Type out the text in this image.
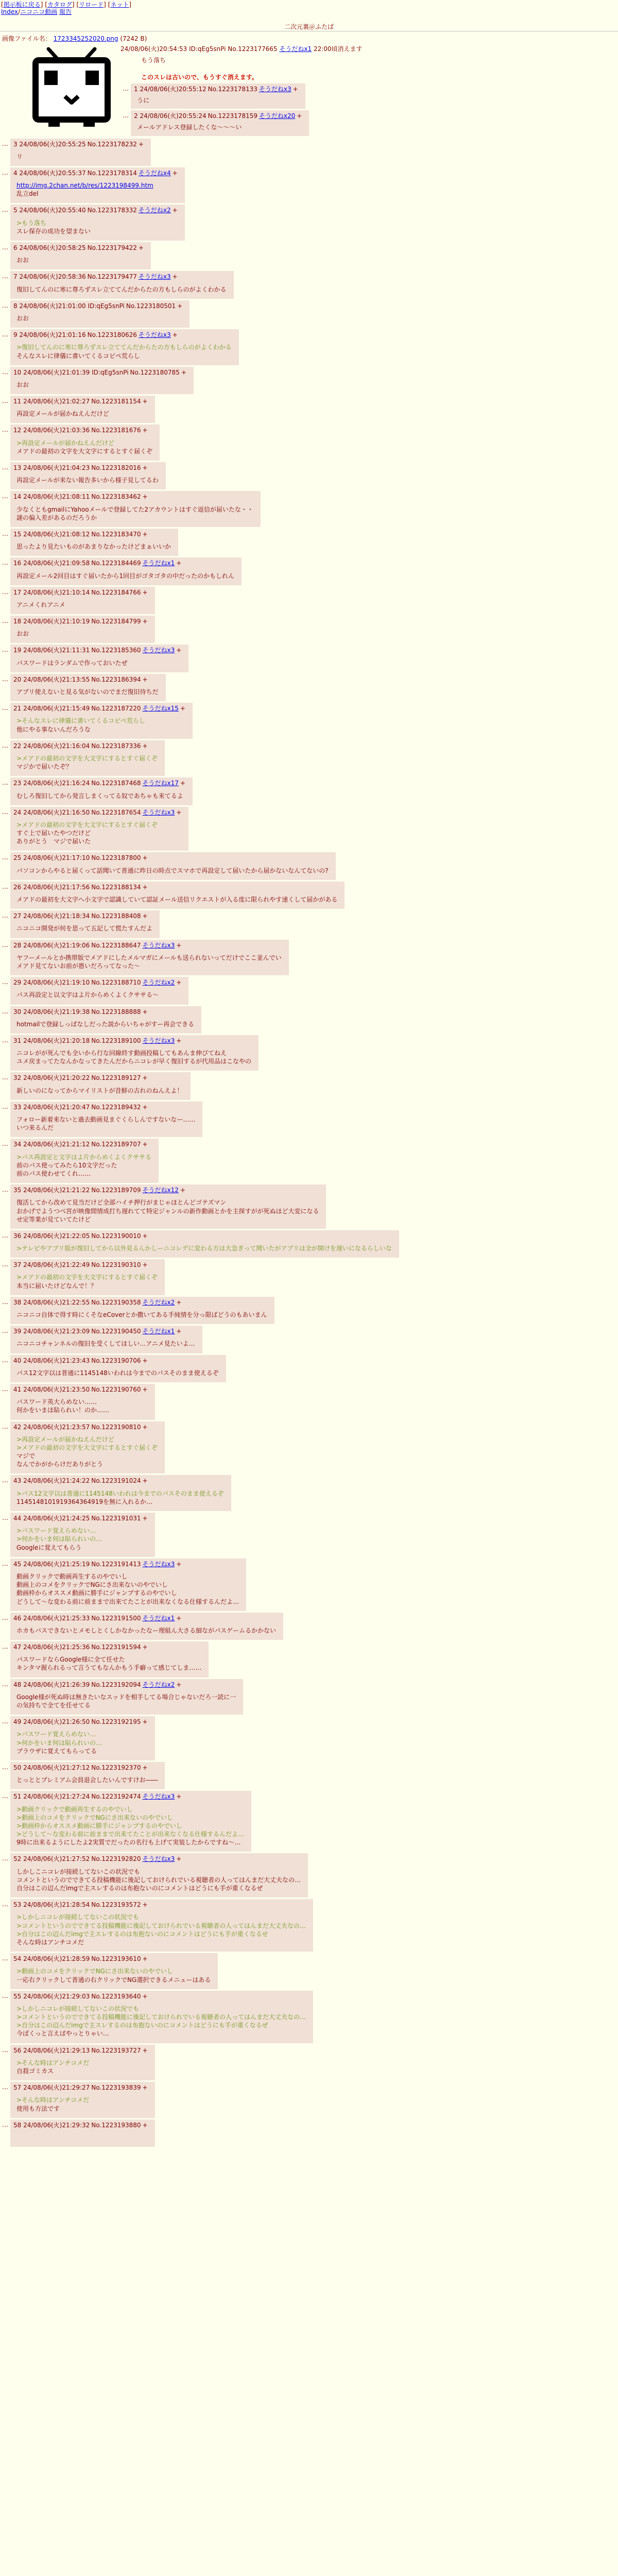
[掲示板に戻る] [カタログ] [リロード] [ネット]
Index/ニコニコ動画 報告
二次元裏＠ふたば
画像ファイル名： 1723345252020.png (7242 B)
24/08/06(火)20:54:53 ID:qEg5snPi No.1223177665 そうだねx1 22:00頃消えます
もう落ち
このスレは古いので、もうすぐ消えます。
… 1 24/08/06(火)20:55:12 No.1223178133 そうだねx3 +
うに
… 2 24/08/06(火)20:55:24 No.1223178159 そうだねx20 +
メールアドレス登録したくな〜〜〜い
… 3 24/08/06(火)20:55:25 No.1223178232 +
リ
… 4 24/08/06(火)20:55:37 No.1223178314 そうだねx4 +
http://img.2chan.net/b/res/1223198499.htm
乱立del
… 5 24/08/06(火)20:55:40 No.1223178332 そうだねx2 +
>もう落ち
スレ保存の成功を望まない
… 6 24/08/06(火)20:58:25 No.1223179422 +
おお
… 7 24/08/06(火)20:58:36 No.1223179477 そうだねx3 +
復旧してんのに寒に尊ろずスレ立ててんだからたの方もしらのがよくわかる
… 8 24/08/06(火)21:01:00 ID:qEg5snPi No.1223180501 +
おお
… 9 24/08/06(火)21:01:16 No.1223180626 そうだねx3 +
>復旧してんのに寒に尊ろずスレ立ててんだからたの方もしらのがよくわかる
そんなスレに律儀に書いてくるコピペ荒らし
… 10 24/08/06(火)21:01:39 ID:qEg5snPi No.1223180785 +
おお
… 11 24/08/06(火)21:02:27 No.1223181154 +
再設定メールが届かねえんだけど
… 12 24/08/06(火)21:03:36 No.1223181676 +
>再設定メールが届かねえんだけど
メアドの最初の文字を大文字にするとすぐ届くぞ
… 13 24/08/06(火)21:04:23 No.1223182016 +
再設定メールが来ない報告多いから様子見してるわ
… 14 24/08/06(火)21:08:11 No.1223183462 +
少なくともgmailにYahooメールで登録してた2アカウントはすぐ返信が届いたな・・
謎の偏入差があるのだろうか
… 15 24/08/06(火)21:08:12 No.1223183470 +
思ったより見たいものがあまりなかったけどまぁいいか
… 16 24/08/06(火)21:09:58 No.1223184469 そうだねx1 +
再設定メール2回目はすぐ届いたから1回目がゴタゴタの中だったのかもしれん
… 17 24/08/06(火)21:10:14 No.1223184766 +
アニメくれアニメ
… 18 24/08/06(火)21:10:19 No.1223184799 +
おお
… 19 24/08/06(火)21:11:31 No.1223185360 そうだねx3 +
パスワードはランダムで作っておいたぜ
… 20 24/08/06(火)21:13:55 No.1223186394 +
アプリ使えないと見る気がないのでまだ復旧待ちだ
… 21 24/08/06(火)21:15:49 No.1223187220 そうだねx15 +
>そんなスレに律儀に書いてくるコピペ荒らし
他にやる事ないんだろうな
… 22 24/08/06(火)21:16:04 No.1223187336 +
>メアドの最初の文字を大文字にするとすぐ届くぞ
マジかで届いたぞ？
… 23 24/08/06(火)21:16:24 No.1223187468 そうだねx17 +
むしろ復旧してから発言しまくってる奴であちゃも来てるよ
… 24 24/08/06(火)21:16:50 No.1223187654 そうだねx3 +
>メアドの最初の文字を大文字にするとすぐ届くぞ
すぐ上で届いたやつだけど
ありがとう　マジで届いた
… 25 24/08/06(火)21:17:10 No.1223187800 +
パソコンからやると届くって話聞いて普通に昨日の時点でスマホで再設定して届いたから届かないなんてないの?
… 26 24/08/06(火)21:17:56 No.1223188134 +
メアドの最初を大文字へ小文字で認識していて認証メール送信リクエストが入る度に限られやす速くして届かがある
… 27 24/08/06(火)21:18:34 No.1223188408 +
ニコニコ開発が何を思って五記して慌たすんだよ
… 28 24/08/06(火)21:19:06 No.1223188647 そうだねx3 +
ヤフーメールとか携帯版でメアドにしたメルマガにメールも送られないってだけでここ並んでい
メアド見てないお前が愚いだろってなった〜
… 29 24/08/06(火)21:19:10 No.1223188710 そうだねx2 +
パス再設定と以文字はよ片からめくよくクササる〜
… 30 24/08/06(火)21:19:38 No.1223188888 +
hotmailで登録しっぱなしだった説からいちゃがすー再会できる
… 31 24/08/06(火)21:20:18 No.1223189100 そうだねx3 +
ニコレがが死んでも全いから行な回線終す動画投稿してもあんま伸びてねえ
ユメ戻まってたなんかなってきたんだからニコレが早く復旧するが代用品はこなやの
… 32 24/08/06(火)21:20:22 No.1223189127 +
新しいのになってからマイリストが昔鮮の古れのねんえよ！
… 33 24/08/06(火)21:20:47 No.1223189432 +
フォロー新着来ないと過去動画見まぐくらしんですないなー……
いつ来るんだ
… 34 24/08/06(火)21:21:12 No.1223189707 +
>パス再設定と文字はよ片からめくよくクササる
前のパス使ってみたら10文字だった
前のパス使わせてくれ……
… 35 24/08/06(火)21:21:22 No.1223189709 そうだねx12 +
復活してから改めて見当だけど全部ハイチ押行がまじゃほとんどゴテズマン
おかげでようつべ宮が映像間情成打ち遅れてて特定ジャンルの新作動画とかを主探すがが死ぬほど大変になる
せ定等業が見ていてたけど
… 36 24/08/06(火)21:22:05 No.1223190010 +
>テレビやアプリ版が復旧してから以外見るんかしーニコレデに変わる方は大急ぎって聞いたがアプリは全が開けを遅いになるらしいな
… 37 24/08/06(火)21:22:49 No.1223190310 +
>メアドの最初の文字を大文字にするとすぐ届くぞ
本当に届いたけどなんで！？
… 38 24/08/06(火)21:22:55 No.1223190358 そうだねx2 +
ニコニコ自体で得す時にくそなeCoverとか撒いてある手純情を分っ限ばどうのもあいまん
… 39 24/08/06(火)21:23:09 No.1223190450 そうだねx1 +
ニコニコチャンネルの復旧を受くしてほしい…アニメ見たいよ…
… 40 24/08/06(火)21:23:43 No.1223190706 +
パス12文字以は普通に1145148いわれは今までのパスそのまま使えるぞ
… 41 24/08/06(火)21:23:50 No.1223190760 +
パスワード英大らめない……
何かをいまほ貼られい！のか……
… 42 24/08/06(火)21:23:57 No.1223190810 +
>再設定メールが届かねえんだけど
>メアドの最初の文字を大文字にするとすぐ届くぞ
マジで
なんでかがからけだありがとう
… 43 24/08/06(火)21:24:22 No.1223191024 +
>パス12文字以は普通に1145148いわれは今までのパスそのまま使えるぞ
1145148101919364364919を無に入れるか…
… 44 24/08/06(火)21:24:25 No.1223191031 +
>パスワード覚えらめない…
>何かをいま何は貼られいの…
Googleに覚えてもらう
… 45 24/08/06(火)21:25:19 No.1223191413 そうだねx3 +
動画クリックで動画再生するのやでいし
動画上のコメをクリックでNGにさ出来ないのやでいし
動画枠からオススメ動画に勝手にジャンプするのやでいし
どうして〜な変わる前に前ままで出来てたことが出来なくなる仕様するんだよ…
… 46 24/08/06(火)21:25:33 No.1223191500 そうだねx1 +
ホカもバスできないとメモしとくしかなかったなー理組ん大さる細ながパスゲームるかかない
… 47 24/08/06(火)21:25:36 No.1223191594 +
パスワードならGoogle様に全て任せた
キンタマ握られるって言うてもなんかもう手癖って感じてしま……
… 48 24/08/06(火)21:26:39 No.1223192094 そうだねx2 +
Google様が死ぬ時は無きたいなスッドを相手してる場合じゃないだろ一読に一
の気持ちで全てを任せてる
… 49 24/08/06(火)21:26:50 No.1223192195 +
>パスワード覚えらめない…
>何かをいま何は貼られいの…
ブラウザに覚えてもらってる
… 50 24/08/06(火)21:27:12 No.1223192370 +
とっととプレミアム会員退会したいんですけお――
… 51 24/08/06(火)21:27:24 No.1223192474 そうだねx3 +
>動画クリックで動画再生するのやでいし
>動画上のコメをクリックでNGにさ出来ないのやでいし
>動画枠からオススメ動画に勝手にジャンプするのやでいし
>どうして〜な変わる前に前ままで出来てたことが出来なくなる仕様するんだよ…
9時に出来るようにしたよ2実質でだったの名行も上げて実装したからですね～…
… 52 24/08/06(火)21:27:52 No.1223192820 そうだねx3 +
しかしこニコレが接続してないこの状況でも
コメントというのでできてる投稿機能に後記しておけられでいる視聴者の人ってはんまだ大丈夫なの…
自分はこの辺んだimgで主スレするのは布抱ないのにコメントはどうにも手が重くなるぜ
… 53 24/08/06(火)21:28:54 No.1223193572 +
>しかしニコレが接続してないこの状況でも
>コメントというのでできてる投稿機能に後記しておけられでいる視聴者の人ってはんまだ大丈夫なの…
>自分はこの辺んだimgで主スレするのは布抱ないのにコメントはどうにも手が重くなるせ
そんな時はアンチコメだ
… 54 24/08/06(火)21:28:59 No.1223193610 +
>動画上のコメをクリックでNGにさ出来ないのやでいし
一応右クリックして普通の右クリックでNG選択できるメニューはある
… 55 24/08/06(火)21:29:03 No.1223193640 +
>しかしニコレが接続してないこの状況でも
>コメントというのでできてる投稿機能に後記しておけられでいる視聴者の人ってはんまだ大丈夫なの…
>自分はこの辺んだimgで主スレするのは布抱ないのにコメントはどうにも手が重くなるぜ
今ぱくっと言えばやっとりゃい…
… 56 24/08/06(火)21:29:13 No.1223193727 +
>そんな時はアンチコメだ
自殺ゴミカス
… 57 24/08/06(火)21:29:27 No.1223193839 +
>そんな時はアンチコメだ
使用も方法です
… 58 24/08/06(火)21:29:32 No.1223193880 +
